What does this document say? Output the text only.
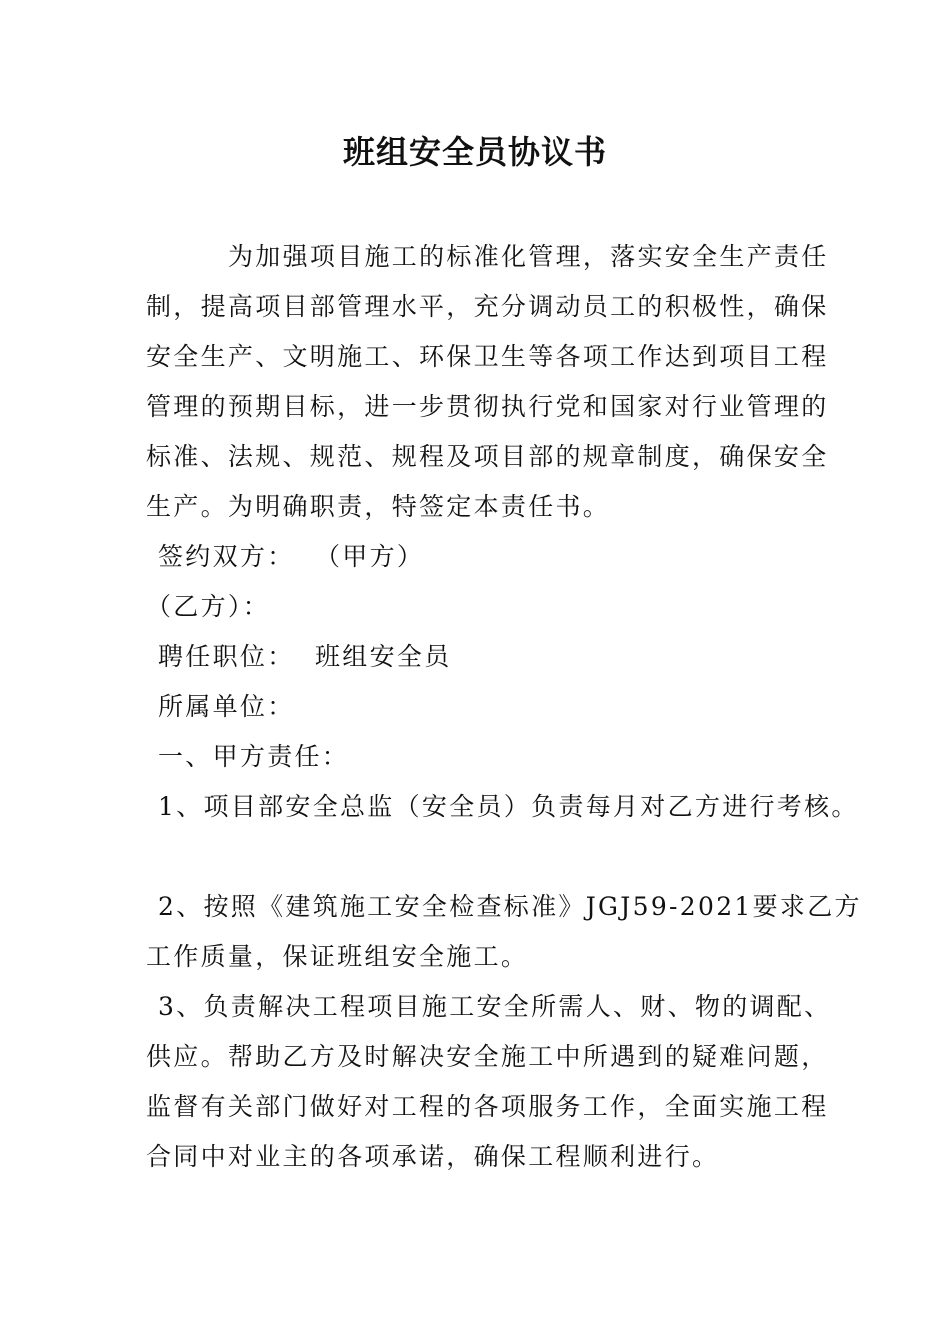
班组安全员协议书

为加强项目施工的标准化管理，落实安全生产责任

制，提高项目部管理水平，充分调动员工的积极性，确保

安全生产、文明施工、环保卫生等各项工作达到项目工程

管理的预期目标，进一步贯彻执行党和国家对行业管理的

标准、法规、规范、规程及项目部的规章制度，确保安全

生产。为明确职责，特签定本责任书。

签约双方：  （甲方）

（乙方）：

聘任职位：  班组安全员

所属单位：

一、甲方责任：

1、项目部安全总监（安全员）负责每月对乙方进行考核。

2、按照《建筑施工安全检查标准》JGJ59-2021要求乙方

工作质量，保证班组安全施工。

3、负责解决工程项目施工安全所需人、财、物的调配、

供应。帮助乙方及时解决安全施工中所遇到的疑难问题，

监督有关部门做好对工程的各项服务工作，全面实施工程

合同中对业主的各项承诺，确保工程顺利进行。
